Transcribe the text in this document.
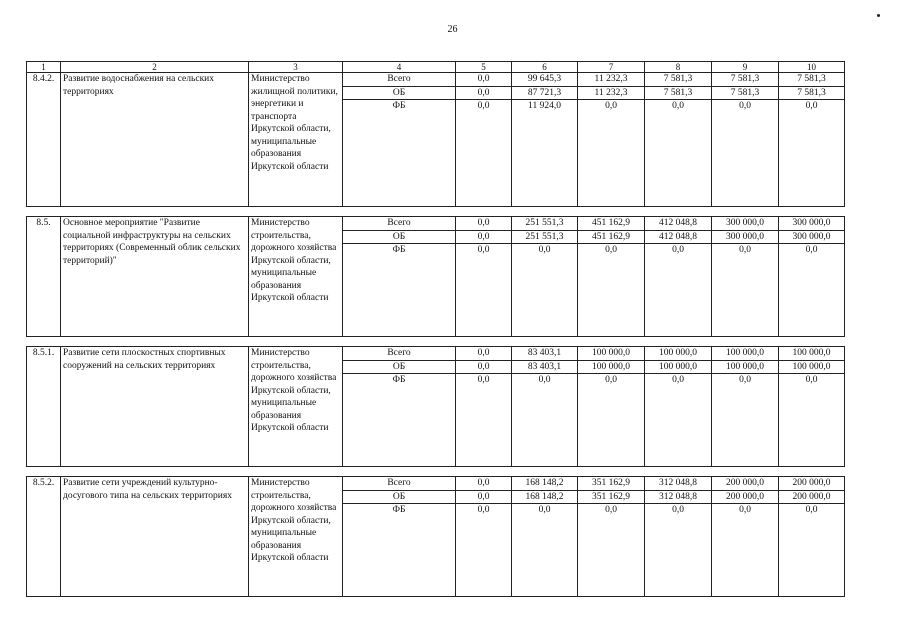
26
1	2	3	4	5	6	7	8	9	10
8.4.2.	Развитие водоснабжения на сельских территориях	Министерство жилищной политики, энергетики и транспорта Иркутской области, муниципальные образования Иркутской области	Всего	0,0	99 645,3	11 232,3	7 581,3	7 581,3	7 581,3
			ОБ	0,0	87 721,3	11 232,3	7 581,3	7 581,3	7 581,3
			ФБ	0,0	11 924,0	0,0	0,0	0,0	0,0

8.5.	Основное мероприятие "Развитие социальной инфраструктуры на сельских территориях (Современный облик сельских территорий)"	Министерство строительства, дорожного хозяйства Иркутской области, муниципальные образования Иркутской области	Всего	0,0	251 551,3	451 162,9	412 048,8	300 000,0	300 000,0
			ОБ	0,0	251 551,3	451 162,9	412 048,8	300 000,0	300 000,0
			ФБ	0,0	0,0	0,0	0,0	0,0	0,0

8.5.1.	Развитие сети плоскостных спортивных сооружений на сельских территориях	Министерство строительства, дорожного хозяйства Иркутской области, муниципальные образования Иркутской области	Всего	0,0	83 403,1	100 000,0	100 000,0	100 000,0	100 000,0
			ОБ	0,0	83 403,1	100 000,0	100 000,0	100 000,0	100 000,0
			ФБ	0,0	0,0	0,0	0,0	0,0	0,0

8.5.2.	Развитие сети учреждений культурно-досугового типа на сельских территориях	Министерство строительства, дорожного хозяйства Иркутской области, муниципальные образования Иркутской области	Всего	0,0	168 148,2	351 162,9	312 048,8	200 000,0	200 000,0
			ОБ	0,0	168 148,2	351 162,9	312 048,8	200 000,0	200 000,0
			ФБ	0,0	0,0	0,0	0,0	0,0	0,0
